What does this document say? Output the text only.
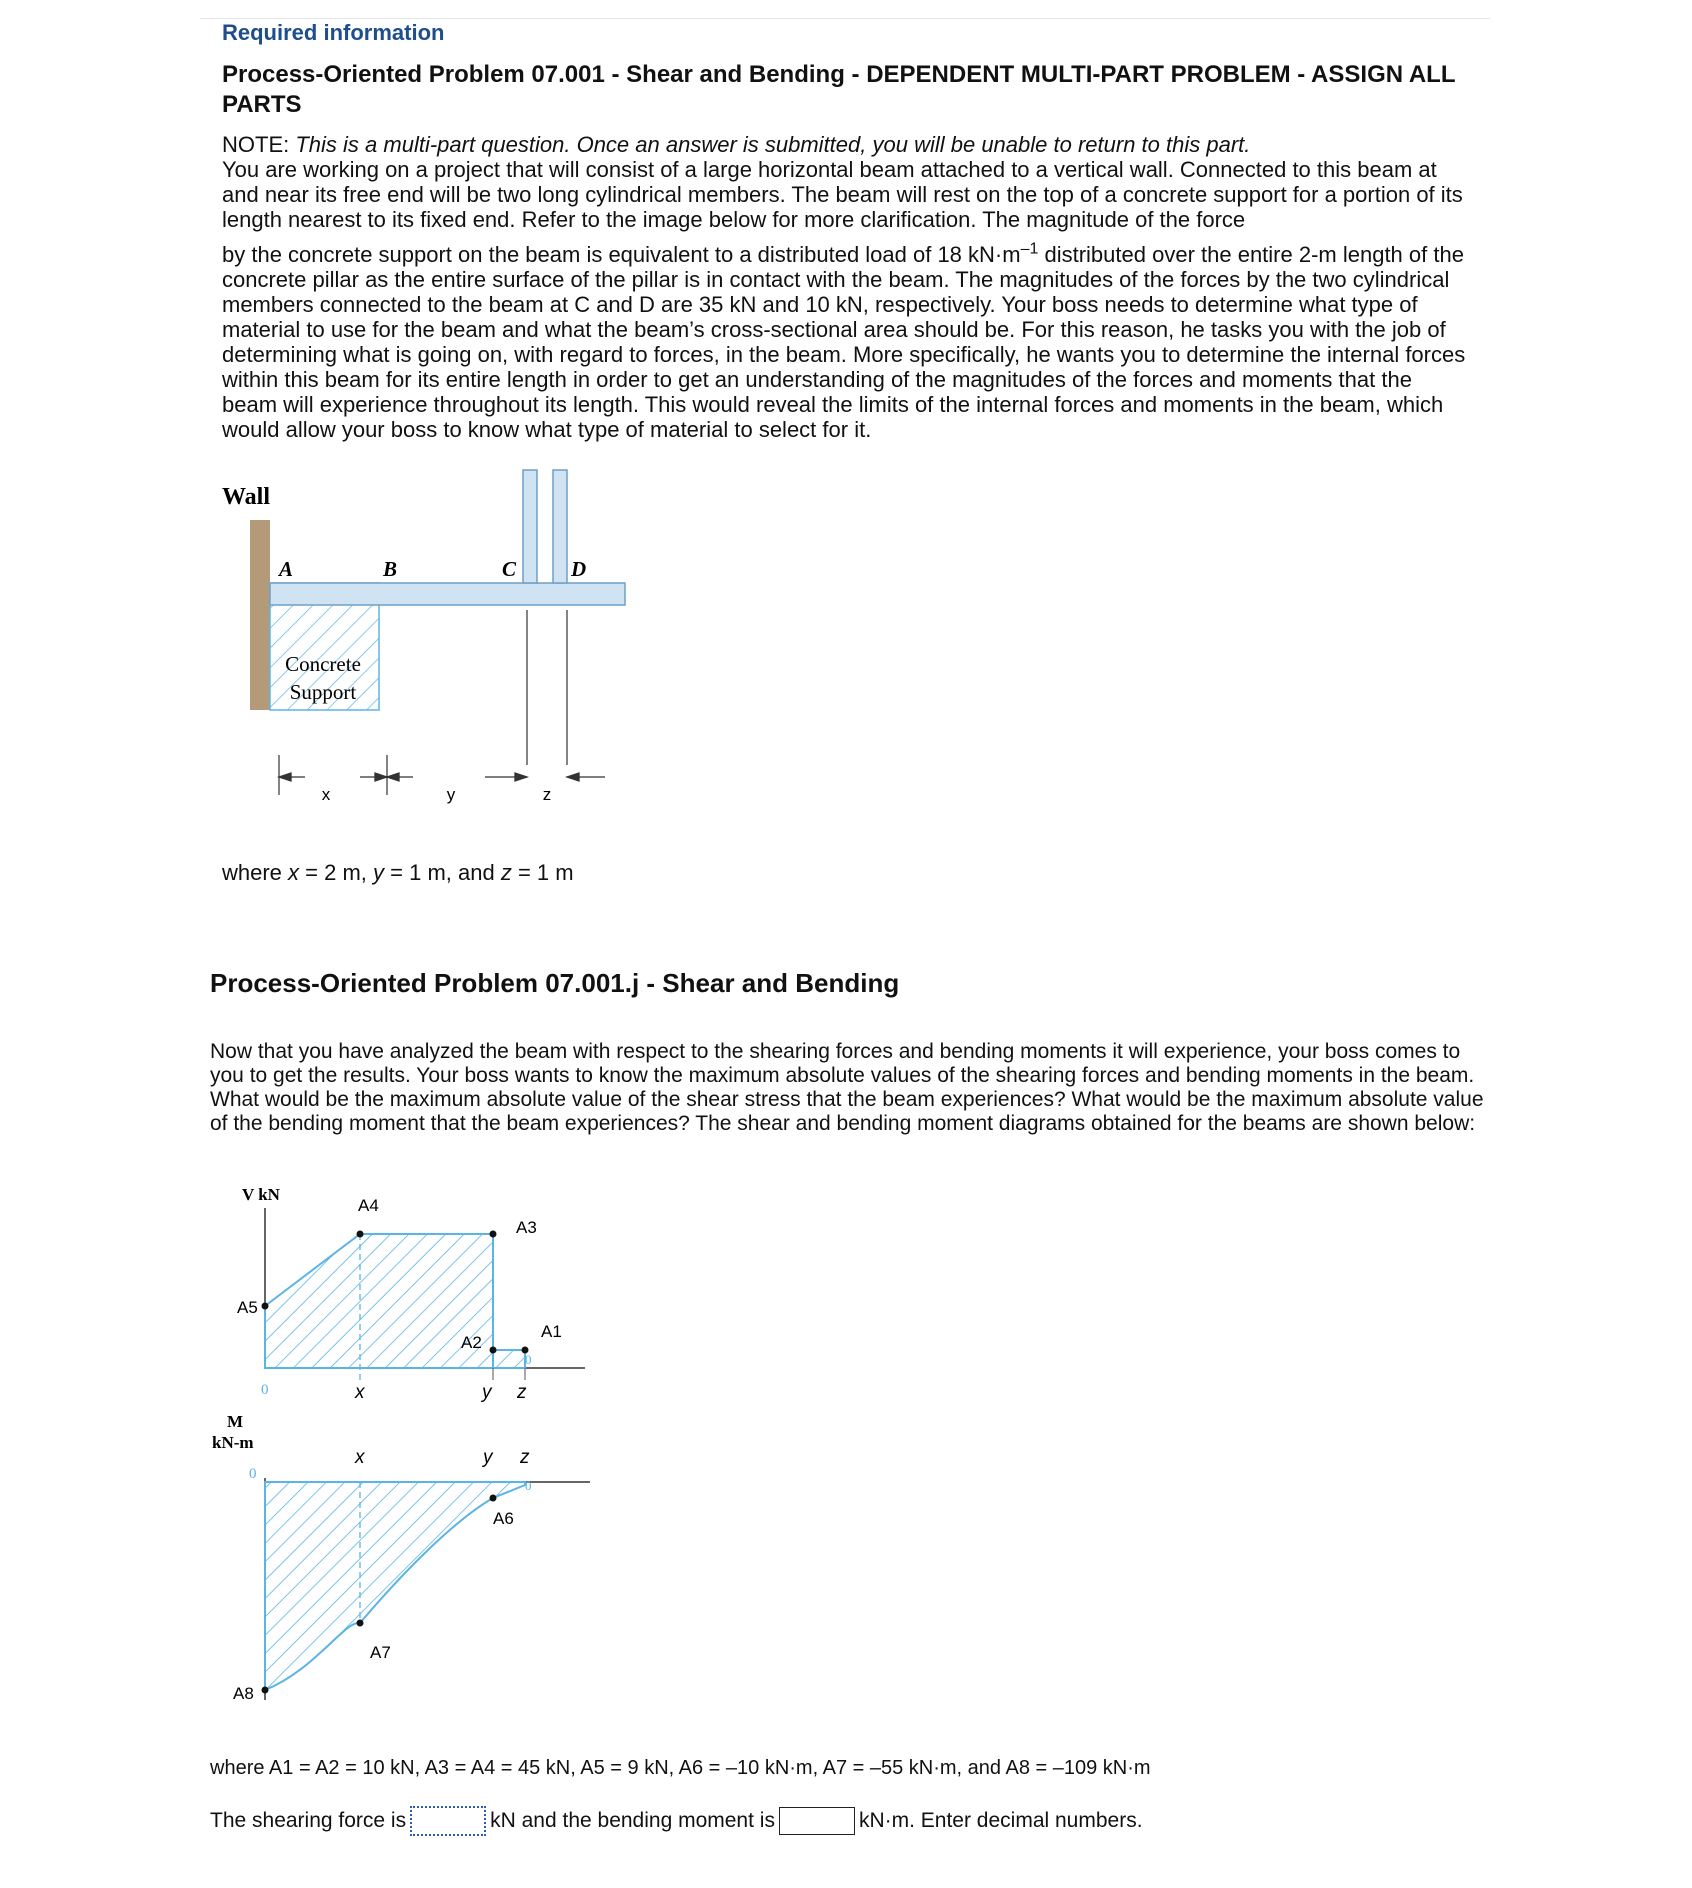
Required information
Process-Oriented Problem 07.001 - Shear and Bending - DEPENDENT MULTI-PART PROBLEM - ASSIGN ALL PARTS

NOTE: This is a multi-part question. Once an answer is submitted, you will be unable to return to this part.

You are working on a project that will consist of a large horizontal beam attached to a vertical wall. Connected to this beam at and near its free end will be two long cylindrical members. The beam will rest on the top of a concrete support for a portion of its length nearest to its fixed end. Refer to the image below for more clarification. The magnitude of the force

by the concrete support on the beam is equivalent to a distributed load of 18 $kN\cdot m^{-1}$ distributed over the entire 2-m length of the concrete pillar as the entire surface of the pillar is in contact with the beam. The magnitudes of the forces by the two cylindrical members connected to the beam at C and D are 35 kN and 10 kN, respectively. Your boss needs to determine what type of material to use for the beam and what the beam’s cross-sectional area should be. For this reason, he tasks you with the job of determining what is going on, with regard to forces, in the beam. More specifically, he wants you to determine the internal forces within this beam for its entire length in order to get an understanding of the magnitudes of the forces and moments that the beam will experience throughout its length. This would reveal the limits of the internal forces and moments in the beam, which would allow your boss to know what type of material to select for it.

Wall
A	B	C	D
Concrete
Support
x	y	z
where x = 2 m, y = 1 m, and z = 1 m
Process-Oriented Problem 07.001.j - Shear and Bending
Now that you have analyzed the beam with respect to the shearing forces and bending moments it will experience, your boss comes to you to get the results. Your boss wants to know the maximum absolute values of the shearing forces and bending moments in the beam. What would be the maximum absolute value of the shear stress that the beam experiences? What would be the maximum absolute value of the bending moment that the beam experiences? The shear and bending moment diagrams obtained for the beams are shown below:
V kN
A4
A3
A5
A2
A1
0
0
x	y z
M
kN-m
0
x	y z
0
A6
A7
A8
where A1 = A2 = 10 kN, A3 = A4 = 45 kN, A5 = 9 kN, A6 = –10 kN·m, A7 = –55 kN·m, and A8 = –109 kN·m
The shearing force is	kN and the bending moment is	kN·m. Enter decimal numbers.
